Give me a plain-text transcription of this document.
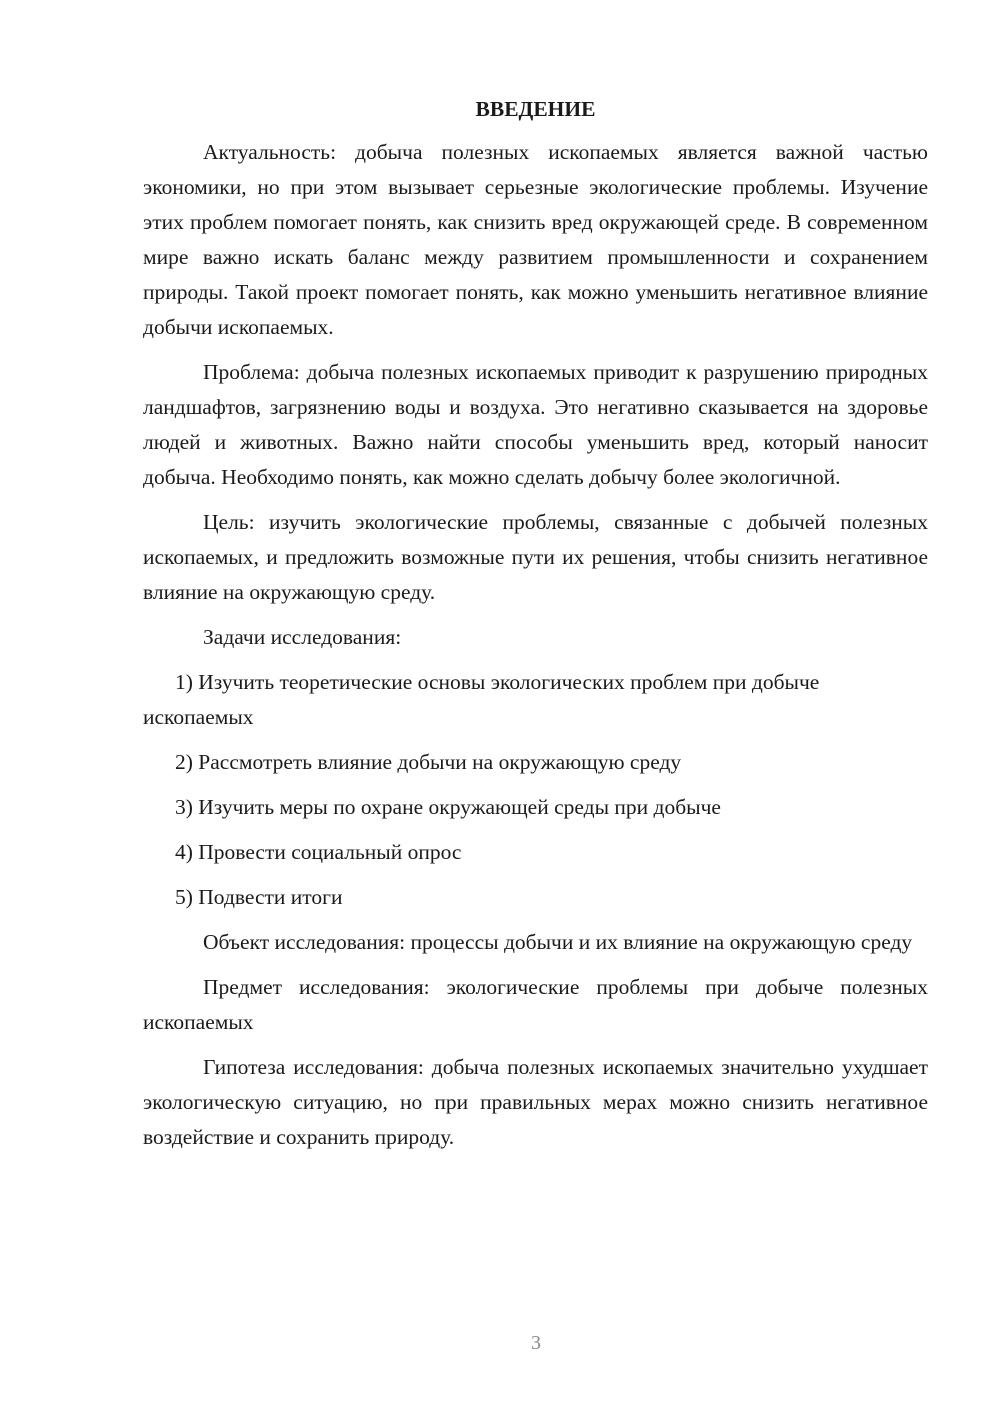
ВВЕДЕНИЕ

Актуальность: добыча полезных ископаемых является важной частью экономики, но при этом вызывает серьезные экологические проблемы. Изучение этих проблем помогает понять, как снизить вред окружающей среде. В современном мире важно искать баланс между развитием промышленности и сохранением природы. Такой проект помогает понять, как можно уменьшить негативное влияние добычи ископаемых.

Проблема: добыча полезных ископаемых приводит к разрушению природных ландшафтов, загрязнению воды и воздуха. Это негативно сказывается на здоровье людей и животных. Важно найти способы уменьшить вред, который наносит добыча. Необходимо понять, как можно сделать добычу более экологичной.

Цель: изучить экологические проблемы, связанные с добычей полезных ископаемых, и предложить возможные пути их решения, чтобы снизить негативное влияние на окружающую среду.

Задачи исследования:

1) Изучить теоретические основы экологических проблем при добыче ископаемых

2) Рассмотреть влияние добычи на окружающую среду

3) Изучить меры по охране окружающей среды при добыче

4) Провести социальный опрос

5) Подвести итоги

Объект исследования: процессы добычи и их влияние на окружающую среду

Предмет исследования: экологические проблемы при добыче полезных ископаемых

Гипотеза исследования: добыча полезных ископаемых значительно ухудшает экологическую ситуацию, но при правильных мерах можно снизить негативное воздействие и сохранить природу.

3
